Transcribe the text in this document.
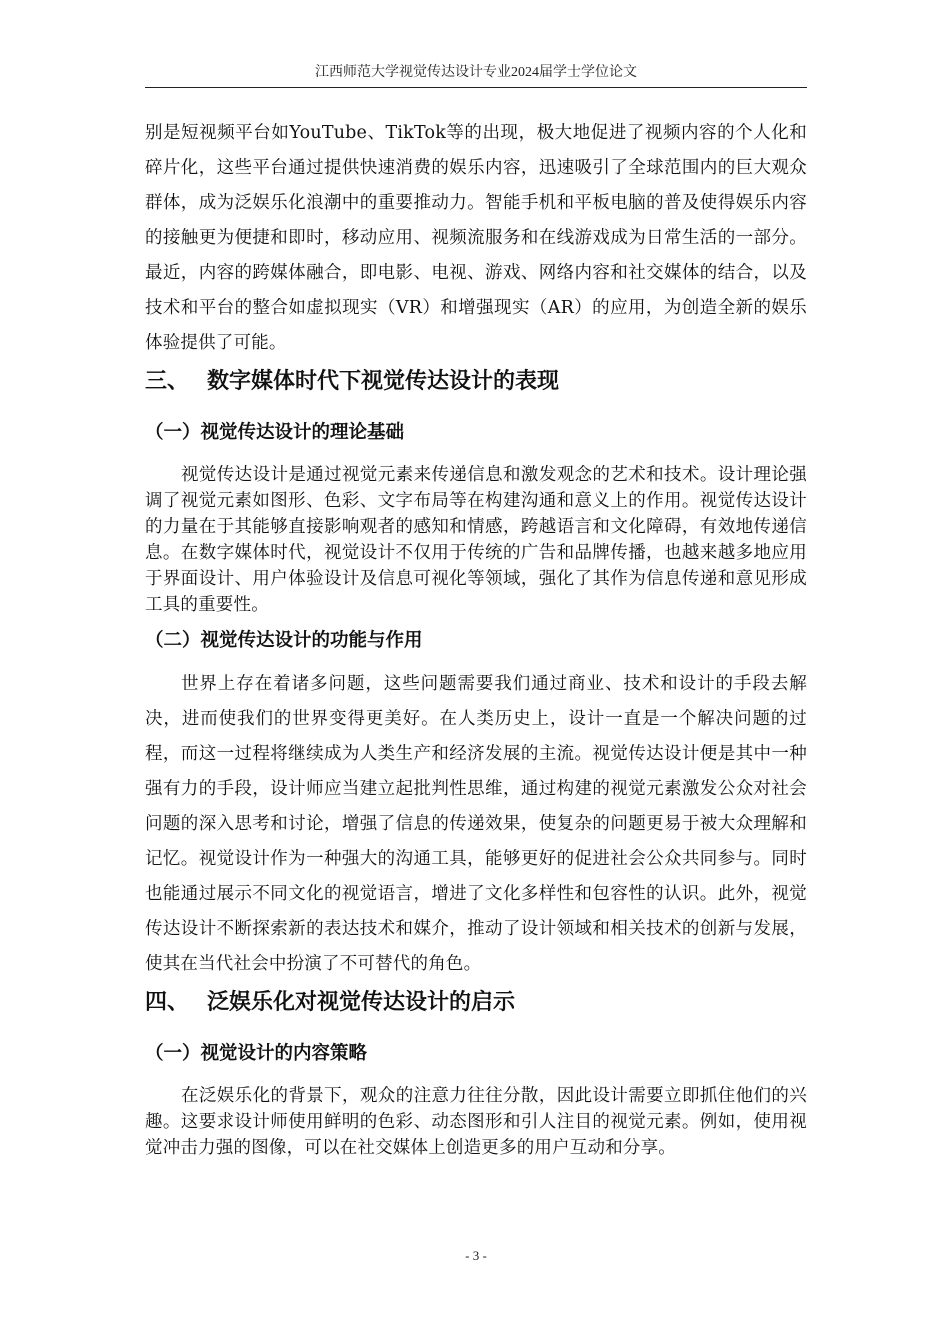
江西师范大学视觉传达设计专业2024届学士学位论文

别是短视频平台如YouTube、TikTok等的出现，极大地促进了视频内容的个人化和碎片化，这些平台通过提供快速消费的娱乐内容，迅速吸引了全球范围内的巨大观众群体，成为泛娱乐化浪潮中的重要推动力。智能手机和平板电脑的普及使得娱乐内容的接触更为便捷和即时，移动应用、视频流服务和在线游戏成为日常生活的一部分。最近，内容的跨媒体融合，即电影、电视、游戏、网络内容和社交媒体的结合，以及技术和平台的整合如虚拟现实（VR）和增强现实（AR）的应用，为创造全新的娱乐体验提供了可能。

三、 数字媒体时代下视觉传达设计的表现
（一）视觉传达设计的理论基础

视觉传达设计是通过视觉元素来传递信息和激发观念的艺术和技术。设计理论强调了视觉元素如图形、色彩、文字布局等在构建沟通和意义上的作用。视觉传达设计的力量在于其能够直接影响观者的感知和情感，跨越语言和文化障碍，有效地传递信息。在数字媒体时代，视觉设计不仅用于传统的广告和品牌传播，也越来越多地应用于界面设计、用户体验设计及信息可视化等领域，强化了其作为信息传递和意见形成工具的重要性。

（二）视觉传达设计的功能与作用

世界上存在着诸多问题，这些问题需要我们通过商业、技术和设计的手段去解决，进而使我们的世界变得更美好。在人类历史上，设计一直是一个解决问题的过程，而这一过程将继续成为人类生产和经济发展的主流。视觉传达设计便是其中一种强有力的手段，设计师应当建立起批判性思维，通过构建的视觉元素激发公众对社会问题的深入思考和讨论，增强了信息的传递效果，使复杂的问题更易于被大众理解和记忆。视觉设计作为一种强大的沟通工具，能够更好的促进社会公众共同参与。同时也能通过展示不同文化的视觉语言，增进了文化多样性和包容性的认识。此外，视觉传达设计不断探索新的表达技术和媒介，推动了设计领域和相关技术的创新与发展，使其在当代社会中扮演了不可替代的角色。

四、 泛娱乐化对视觉传达设计的启示
（一）视觉设计的内容策略

在泛娱乐化的背景下，观众的注意力往往分散，因此设计需要立即抓住他们的兴趣。这要求设计师使用鲜明的色彩、动态图形和引人注目的视觉元素。例如，使用视觉冲击力强的图像，可以在社交媒体上创造更多的用户互动和分享。

- 3 -
